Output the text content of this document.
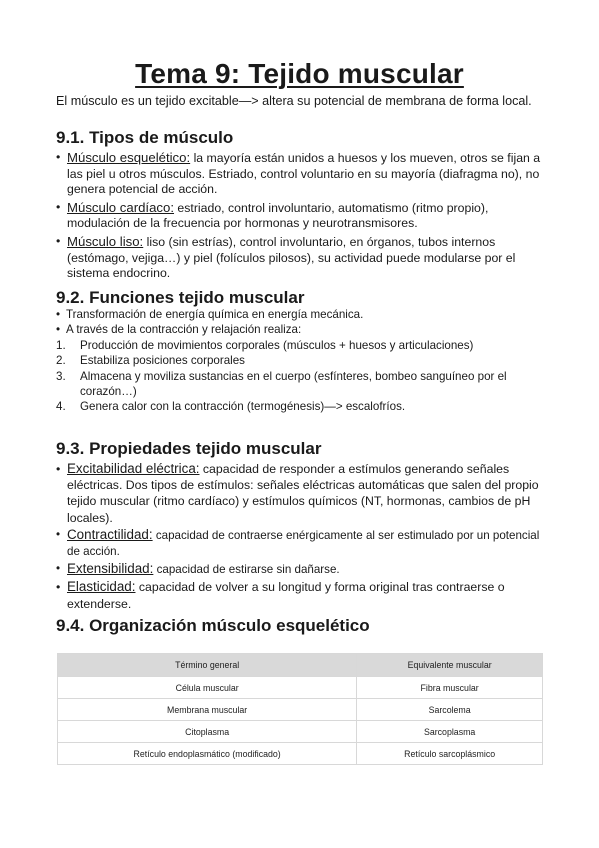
Tema 9: Tejido muscular
El músculo es un tejido excitable—> altera su potencial de membrana de forma local.
9.1. Tipos de músculo
• Músculo esquelético: la mayoría están unidos a huesos y los mueven, otros se fijan a las piel u otros músculos. Estriado, control voluntario en su mayoría (diafragma no), no genera potencial de acción.
• Músculo cardíaco: estriado, control involuntario, automatismo (ritmo propio), modulación de la frecuencia por hormonas y neurotransmisores.
• Músculo liso: liso (sin estrías), control involuntario, en órganos, tubos internos (estómago, vejiga…) y piel (folículos pilosos), su actividad puede modularse por el sistema endocrino.
9.2. Funciones tejido muscular
• Transformación de energía química en energía mecánica.
• A través de la contracción y relajación realiza:
1. Producción de movimientos corporales (músculos + huesos y articulaciones)
2. Estabiliza posiciones corporales
3. Almacena y moviliza sustancias en el cuerpo (esfínteres, bombeo sanguíneo por el corazón…)
4. Genera calor con la contracción (termogénesis)—> escalofríos.
9.3. Propiedades tejido muscular
• Excitabilidad eléctrica: capacidad de responder a estímulos generando señales eléctricas. Dos tipos de estímulos: señales eléctricas automáticas que salen del propio tejido muscular (ritmo cardíaco) y estímulos químicos (NT, hormonas, cambios de pH locales).
• Contractilidad: capacidad de contraerse enérgicamente al ser estimulado por un potencial de acción.
• Extensibilidad: capacidad de estirarse sin dañarse.
• Elasticidad: capacidad de volver a su longitud y forma original tras contraerse o extenderse.
9.4. Organización músculo esquelético
Término general	Equivalente muscular
Célula muscular	Fibra muscular
Membrana muscular	Sarcolema
Citoplasma	Sarcoplasma
Retículo endoplasmático (modificado)	Retículo sarcoplásmico
